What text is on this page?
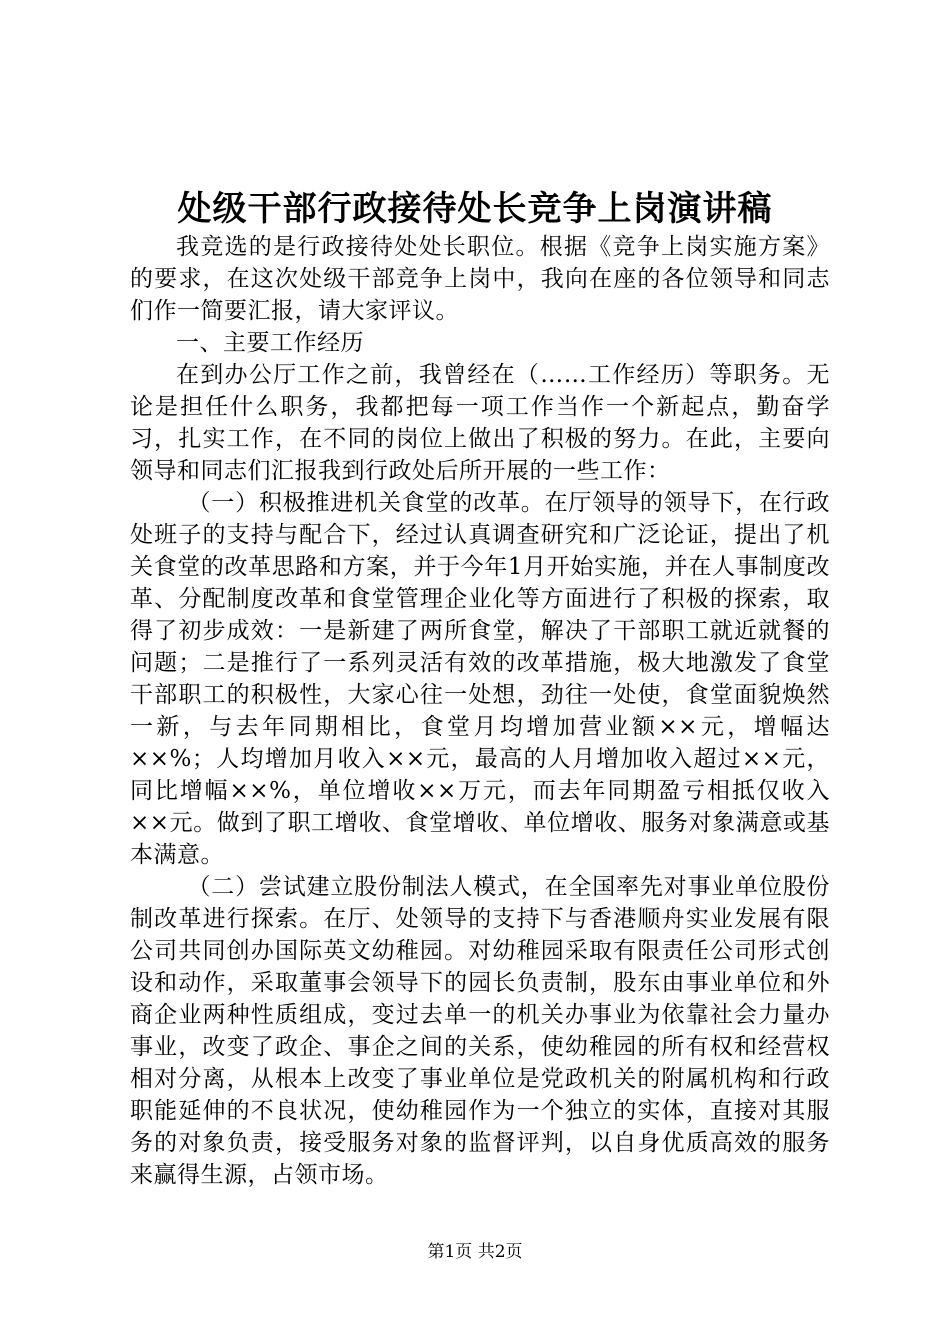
处级干部行政接待处长竞争上岗演讲稿

我竞选的是行政接待处处长职位。根据《竞争上岗实施方案》的要求，在这次处级干部竞争上岗中，我向在座的各位领导和同志们作一简要汇报，请大家评议。

一、主要工作经历

在到办公厅工作之前，我曾经在（……工作经历）等职务。无论是担任什么职务，我都把每一项工作当作一个新起点，勤奋学习，扎实工作，在不同的岗位上做出了积极的努力。在此，主要向领导和同志们汇报我到行政处后所开展的一些工作：

（一）积极推进机关食堂的改革。在厅领导的领导下，在行政处班子的支持与配合下，经过认真调查研究和广泛论证，提出了机关食堂的改革思路和方案，并于今年1月开始实施，并在人事制度改革、分配制度改革和食堂管理企业化等方面进行了积极的探索，取得了初步成效：一是新建了两所食堂，解决了干部职工就近就餐的问题；二是推行了一系列灵活有效的改革措施，极大地激发了食堂干部职工的积极性，大家心往一处想，劲往一处使，食堂面貌焕然一新，与去年同期相比，食堂月均增加营业额××元，增幅达××%；人均增加月收入××元，最高的人月增加收入超过××元，同比增幅××%，单位增收××万元，而去年同期盈亏相抵仅收入××元。做到了职工增收、食堂增收、单位增收、服务对象满意或基本满意。

（二）尝试建立股份制法人模式，在全国率先对事业单位股份制改革进行探索。在厅、处领导的支持下与香港顺舟实业发展有限公司共同创办国际英文幼稚园。对幼稚园采取有限责任公司形式创设和动作，采取董事会领导下的园长负责制，股东由事业单位和外商企业两种性质组成，变过去单一的机关办事业为依靠社会力量办事业，改变了政企、事企之间的关系，使幼稚园的所有权和经营权相对分离，从根本上改变了事业单位是党政机关的附属机构和行政职能延伸的不良状况，使幼稚园作为一个独立的实体，直接对其服务的对象负责，接受服务对象的监督评判，以自身优质高效的服务来赢得生源，占领市场。

第1页 共2页
